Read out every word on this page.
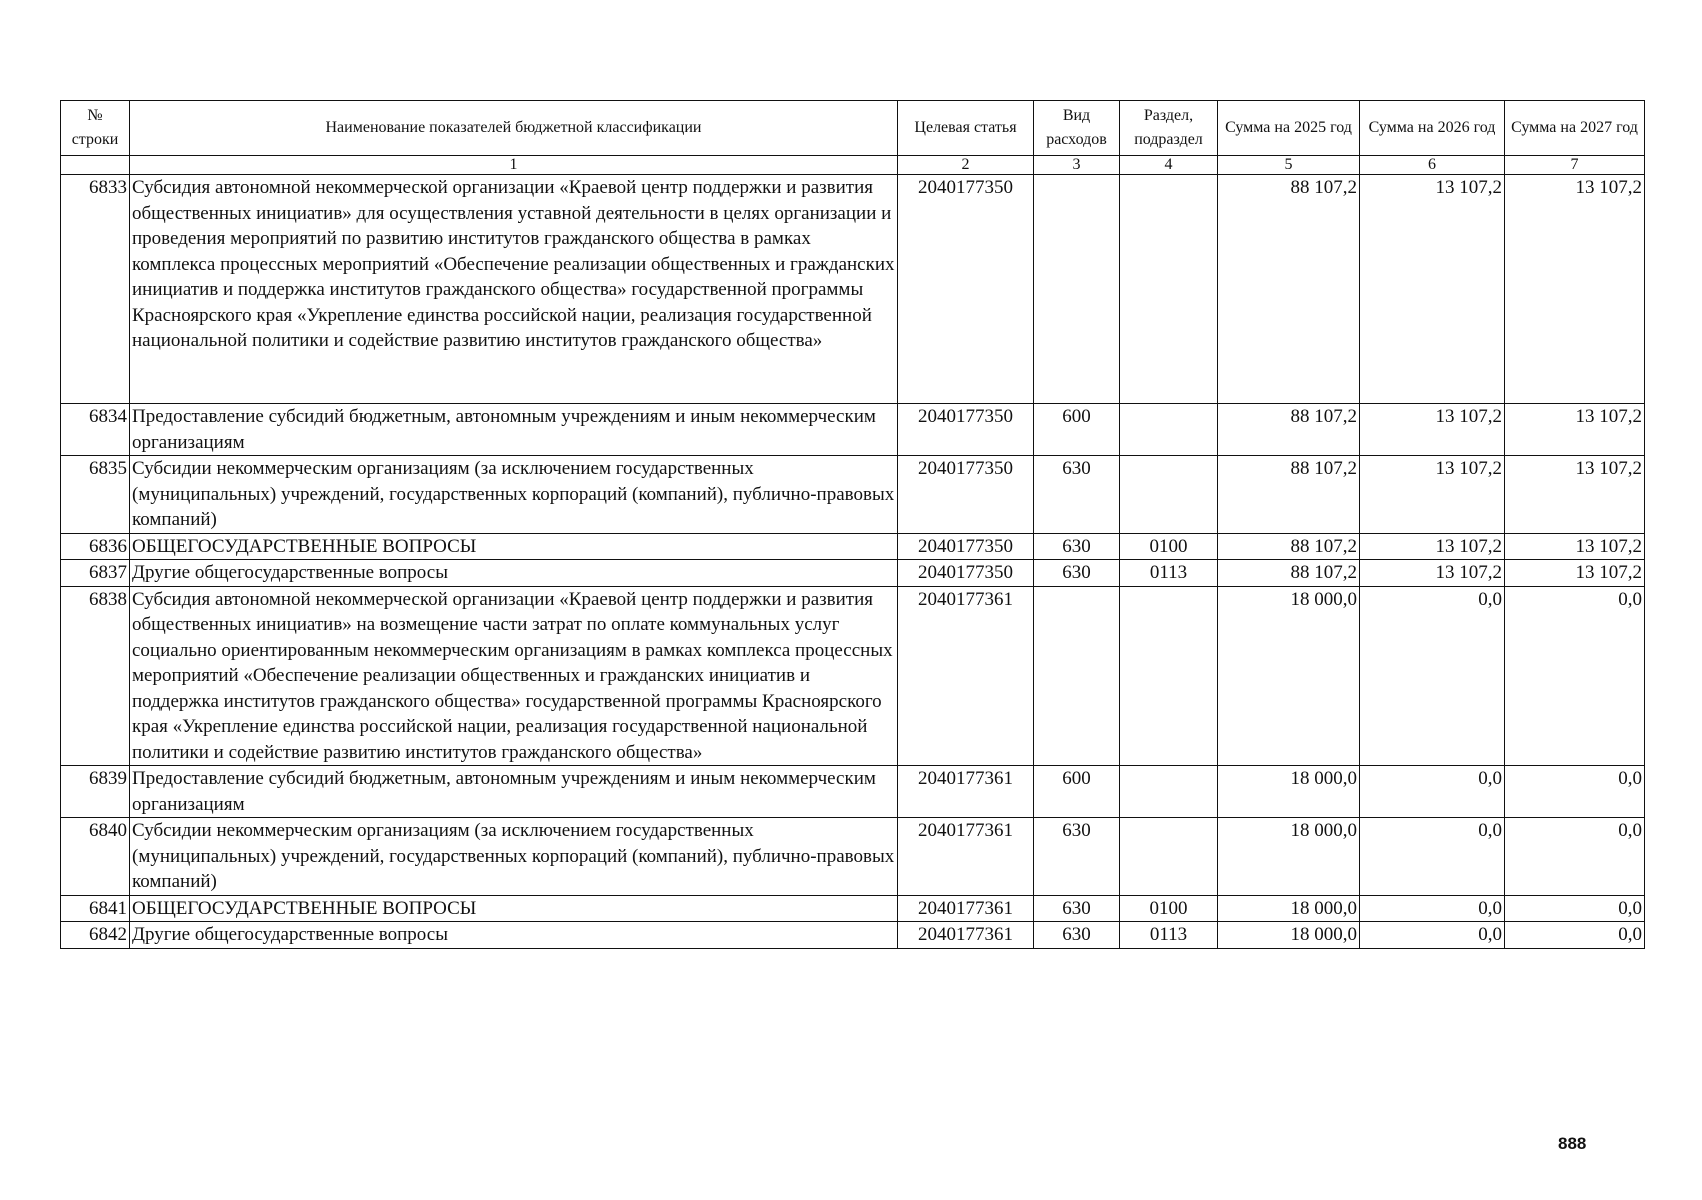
№ строки	Наименование показателей бюджетной классификации	Целевая статья	Вид расходов	Раздел, подраздел	Сумма на 2025 год	Сумма на 2026 год	Сумма на 2027 год
	1	2	3	4	5	6	7
6833	Субсидия автономной некоммерческой организации «Краевой центр поддержки и развития общественных инициатив» для осуществления уставной деятельности в целях организации и проведения мероприятий по развитию институтов гражданского общества в рамках комплекса процессных мероприятий «Обеспечение реализации общественных и гражданских инициатив и поддержка институтов гражданского общества» государственной программы Красноярского края «Укрепление единства российской нации, реализация государственной национальной политики и содействие развитию институтов гражданского общества»	2040177350			88 107,2	13 107,2	13 107,2
6834	Предоставление субсидий бюджетным, автономным учреждениям и иным некоммерческим организациям	2040177350	600		88 107,2	13 107,2	13 107,2
6835	Субсидии некоммерческим организациям (за исключением государственных (муниципальных) учреждений, государственных корпораций (компаний), публично-правовых компаний)	2040177350	630		88 107,2	13 107,2	13 107,2
6836	ОБЩЕГОСУДАРСТВЕННЫЕ ВОПРОСЫ	2040177350	630	0100	88 107,2	13 107,2	13 107,2
6837	Другие общегосударственные вопросы	2040177350	630	0113	88 107,2	13 107,2	13 107,2
6838	Субсидия автономной некоммерческой организации «Краевой центр поддержки и развития общественных инициатив» на возмещение части затрат по оплате коммунальных услуг социально ориентированным некоммерческим организациям в рамках комплекса процессных мероприятий «Обеспечение реализации общественных и гражданских инициатив и поддержка институтов гражданского общества» государственной программы Красноярского края «Укрепление единства российской нации, реализация государственной национальной политики и содействие развитию институтов гражданского общества»	2040177361			18 000,0	0,0	0,0
6839	Предоставление субсидий бюджетным, автономным учреждениям и иным некоммерческим организациям	2040177361	600		18 000,0	0,0	0,0
6840	Субсидии некоммерческим организациям (за исключением государственных (муниципальных) учреждений, государственных корпораций (компаний), публично-правовых компаний)	2040177361	630		18 000,0	0,0	0,0
6841	ОБЩЕГОСУДАРСТВЕННЫЕ ВОПРОСЫ	2040177361	630	0100	18 000,0	0,0	0,0
6842	Другие общегосударственные вопросы	2040177361	630	0113	18 000,0	0,0	0,0
888
